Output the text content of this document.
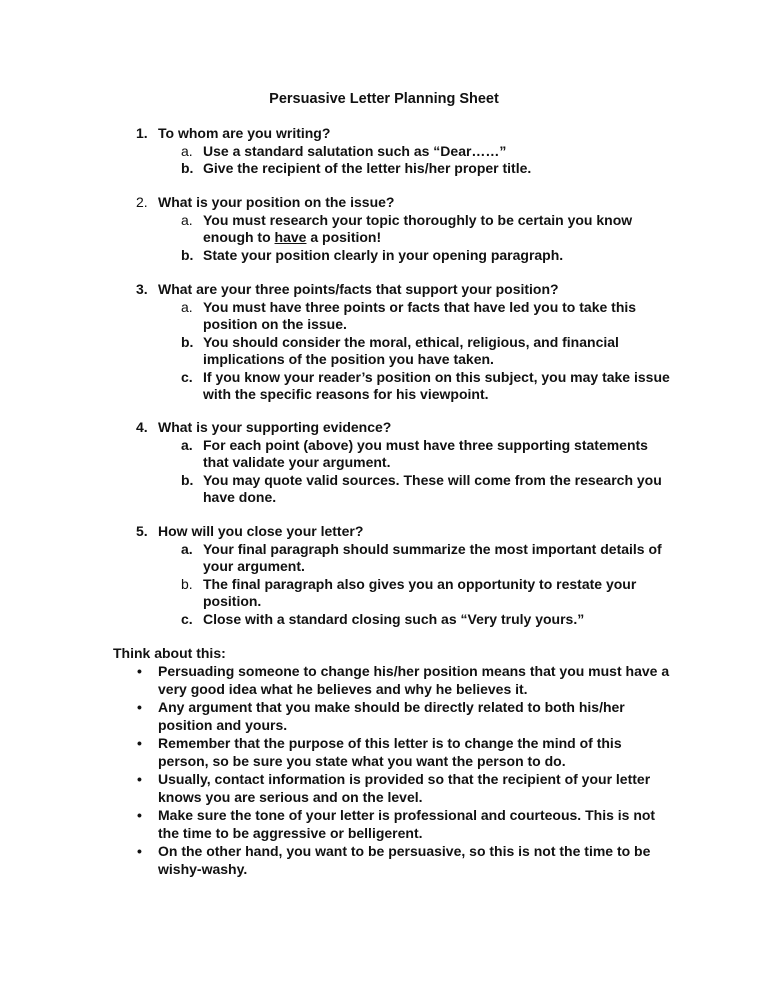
Persuasive Letter Planning Sheet
1. To whom are you writing?
a. Use a standard salutation such as “Dear……”
b. Give the recipient of the letter his/her proper title.
2. What is your position on the issue?
a. You must research your topic thoroughly to be certain you know enough to have a position!
b. State your position clearly in your opening paragraph.
3. What are your three points/facts that support your position?
a. You must have three points or facts that have led you to take this position on the issue.
b. You should consider the moral, ethical, religious, and financial implications of the position you have taken.
c. If you know your reader’s position on this subject, you may take issue with the specific reasons for his viewpoint.
4. What is your supporting evidence?
a. For each point (above) you must have three supporting statements that validate your argument.
b. You may quote valid sources. These will come from the research you have done.
5. How will you close your letter?
a. Your final paragraph should summarize the most important details of your argument.
b. The final paragraph also gives you an opportunity to restate your position.
c. Close with a standard closing such as “Very truly yours.”
Think about this:
• Persuading someone to change his/her position means that you must have a very good idea what he believes and why he believes it.
• Any argument that you make should be directly related to both his/her position and yours.
• Remember that the purpose of this letter is to change the mind of this person, so be sure you state what you want the person to do.
• Usually, contact information is provided so that the recipient of your letter knows you are serious and on the level.
• Make sure the tone of your letter is professional and courteous. This is not the time to be aggressive or belligerent.
• On the other hand, you want to be persuasive, so this is not the time to be wishy-washy.
